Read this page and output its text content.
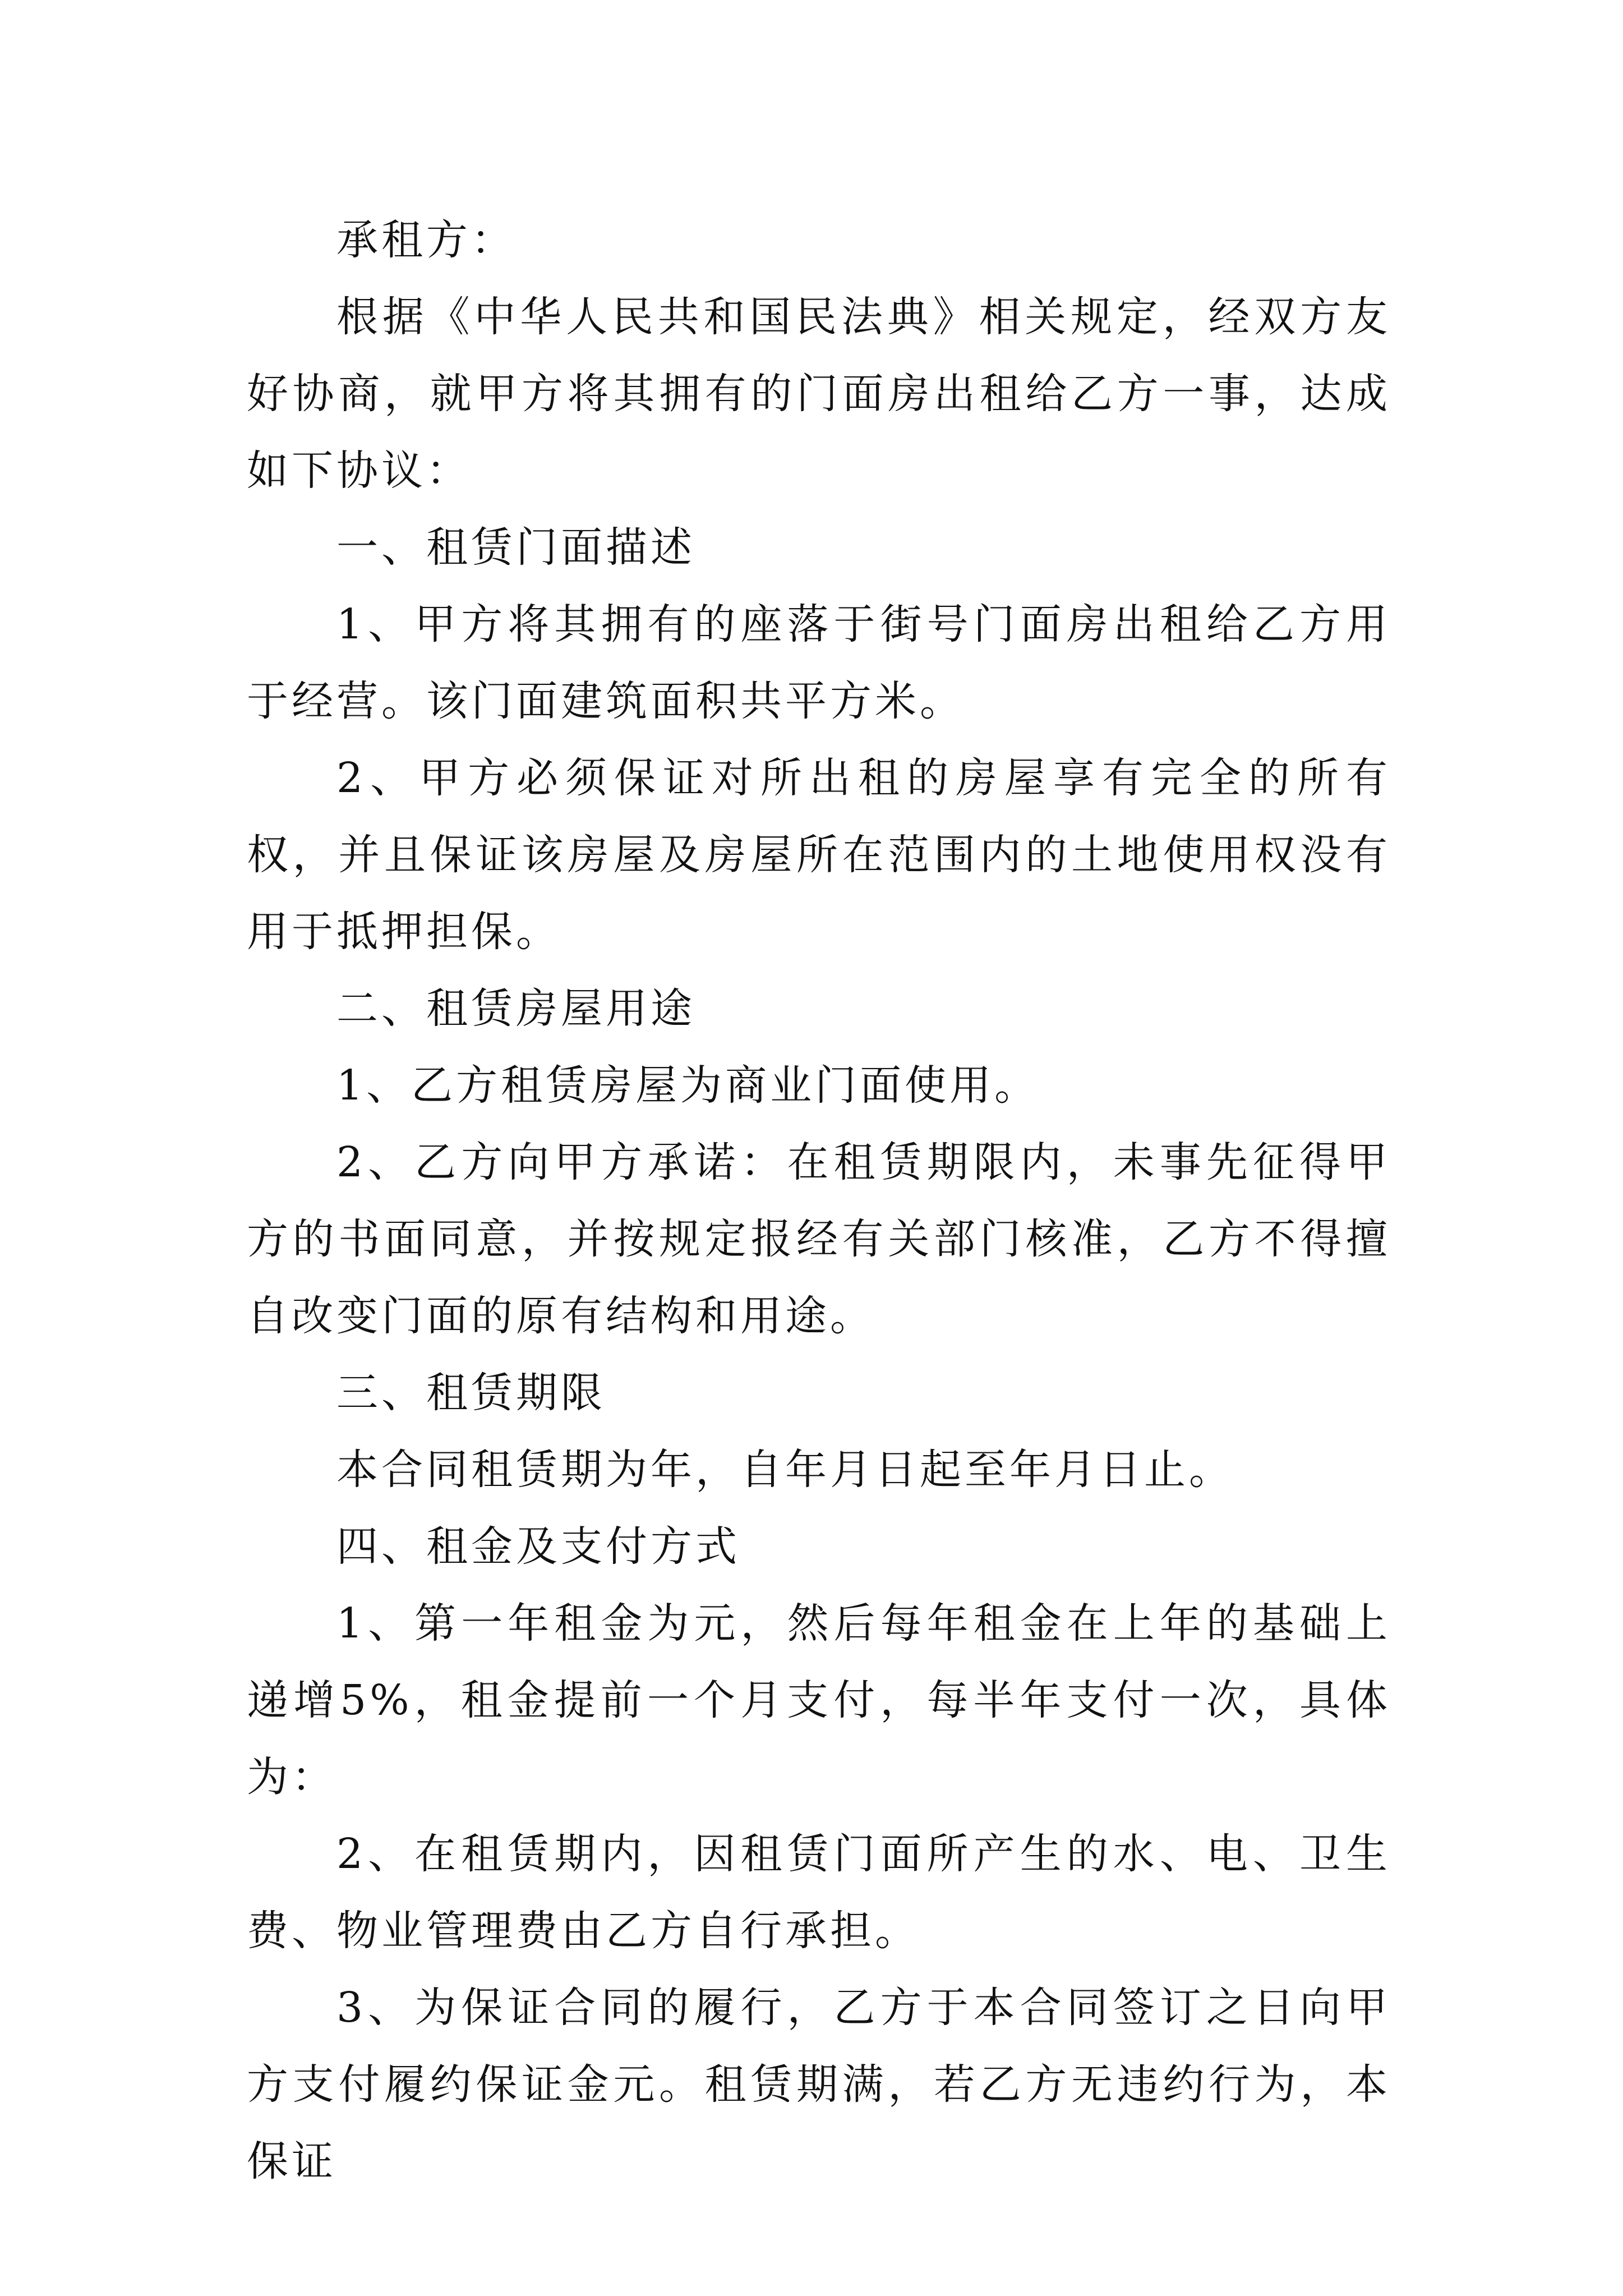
承租方：

根据《中华人民共和国民法典》相关规定，经双方友好协商，就甲方将其拥有的门面房出租给乙方一事，达成如下协议：

一、租赁门面描述

1、甲方将其拥有的座落于街号门面房出租给乙方用于经营。该门面建筑面积共平方米。

2、甲方必须保证对所出租的房屋享有完全的所有权，并且保证该房屋及房屋所在范围内的土地使用权没有用于抵押担保。

二、租赁房屋用途

1、乙方租赁房屋为商业门面使用。

2、乙方向甲方承诺：在租赁期限内，未事先征得甲方的书面同意，并按规定报经有关部门核准，乙方不得擅自改变门面的原有结构和用途。

三、租赁期限

本合同租赁期为年，自年月日起至年月日止。

四、租金及支付方式

1、第一年租金为元，然后每年租金在上年的基础上递增5%，租金提前一个月支付，每半年支付一次，具体为：

2、在租赁期内，因租赁门面所产生的水、电、卫生费、物业管理费由乙方自行承担。

3、为保证合同的履行，乙方于本合同签订之日向甲方支付履约保证金元。租赁期满，若乙方无违约行为，本保证
